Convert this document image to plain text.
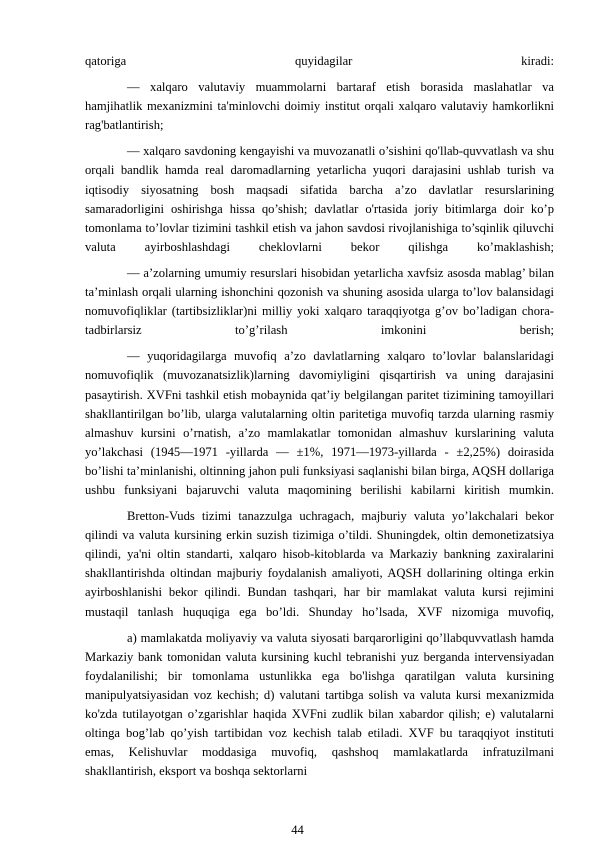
qatoriga quyidagilar kiradi:

— xalqaro valutaviy muammolarni bartaraf etish borasida maslahatlar va hamjihatlik mexanizmini ta'minlovchi doimiy institut orqali xalqaro valutaviy hamkorlikni rag'batlantirish;

— xalqaro savdoning kengayishi va muvozanatli o’sishini qo'llab-quvvatlash va shu orqali bandlik hamda real daromadlarning yetarlicha yuqori darajasini ushlab turish va iqtisodiy siyosatning bosh maqsadi sifatida barcha a’zo davlatlar resurslarining samaradorligini oshirishga hissa qo’shish; davlatlar o'rtasida joriy bitimlarga doir ko’p tomonlama to’lovlar tizimini tashkil etish va jahon savdosi rivojlanishiga to’sqinlik qiluvchi valuta ayirboshlashdagi cheklovlarni bekor qilishga ko’maklashish;

— a’zolarning umumiy resurslari hisobidan yetarlicha xavfsiz asosda mablag’ bilan ta’minlash orqali ularning ishonchini qozonish va shuning asosida ularga to’lov balansidagi nomuvofiqliklar (tartibsizliklar)ni milliy yoki xalqaro taraqqiyotga g’ov bo’ladigan chora-tadbirlarsiz to’g’rilash imkonini berish;

— yuqoridagilarga muvofiq a’zo davlatlarning xalqaro to’lovlar balanslaridagi nomuvofiqlik (muvozanatsizlik)larning davomiyligini qisqartirish va uning darajasini pasaytirish. XVFni tashkil etish mobaynida qat’iy belgilangan paritet tizimining tamoyillari shakllantirilgan bo’lib, ularga valutalarning oltin paritetiga muvofiq tarzda ularning rasmiy almashuv kursini o’rnatish, a’zo mamlakatlar tomonidan almashuv kurslarining valuta yo’lakchasi (1945—1971 -yillarda — ±1%, 1971—1973-yillarda - ±2,25%) doirasida bo’lishi ta’minlanishi, oltinning jahon puli funksiyasi saqlanishi bilan birga, AQSH dollariga ushbu funksiyani bajaruvchi valuta maqomining berilishi kabilarni kiritish mumkin.

Bretton-Vuds tizimi tanazzulga uchragach, majburiy valuta yo’lakchalari bekor qilindi va valuta kursining erkin suzish tizimiga o’tildi. Shuningdek, oltin demonetizatsiya qilindi, ya'ni oltin standarti, xalqaro hisob-kitoblarda va Markaziy bankning zaxiralarini shakllantirishda oltindan majburiy foydalanish amaliyoti, AQSH dollarining oltinga erkin ayirboshlanishi bekor qilindi. Bundan tashqari, har bir mamlakat valuta kursi rejimini mustaqil tanlash huquqiga ega bo’ldi. Shunday ho’lsada, XVF nizomiga muvofiq,

a) mamlakatda moliyaviy va valuta siyosati barqarorligini qo’llabquvvatlash hamda Markaziy bank tomonidan valuta kursining kuchl tebranishi yuz berganda intervensiyadan foydalanilishi; bir tomonlama ustunlikka ega bo'lishga qaratilgan valuta kursining manipulyatsiyasidan voz kechish; d) valutani tartibga solish va valuta kursi mexanizmida ko'zda tutilayotgan o’zgarishlar haqida XVFni zudlik bilan xabardor qilish; e) valutalarni oltinga bog’lab qo’yish tartibidan voz kechish talab etiladi. XVF bu taraqqiyot instituti emas, Kelishuvlar moddasiga muvofiq, qashshoq mamlakatlarda infratuzilmani shakllantirish, eksport va boshqa sektorlarni

44
